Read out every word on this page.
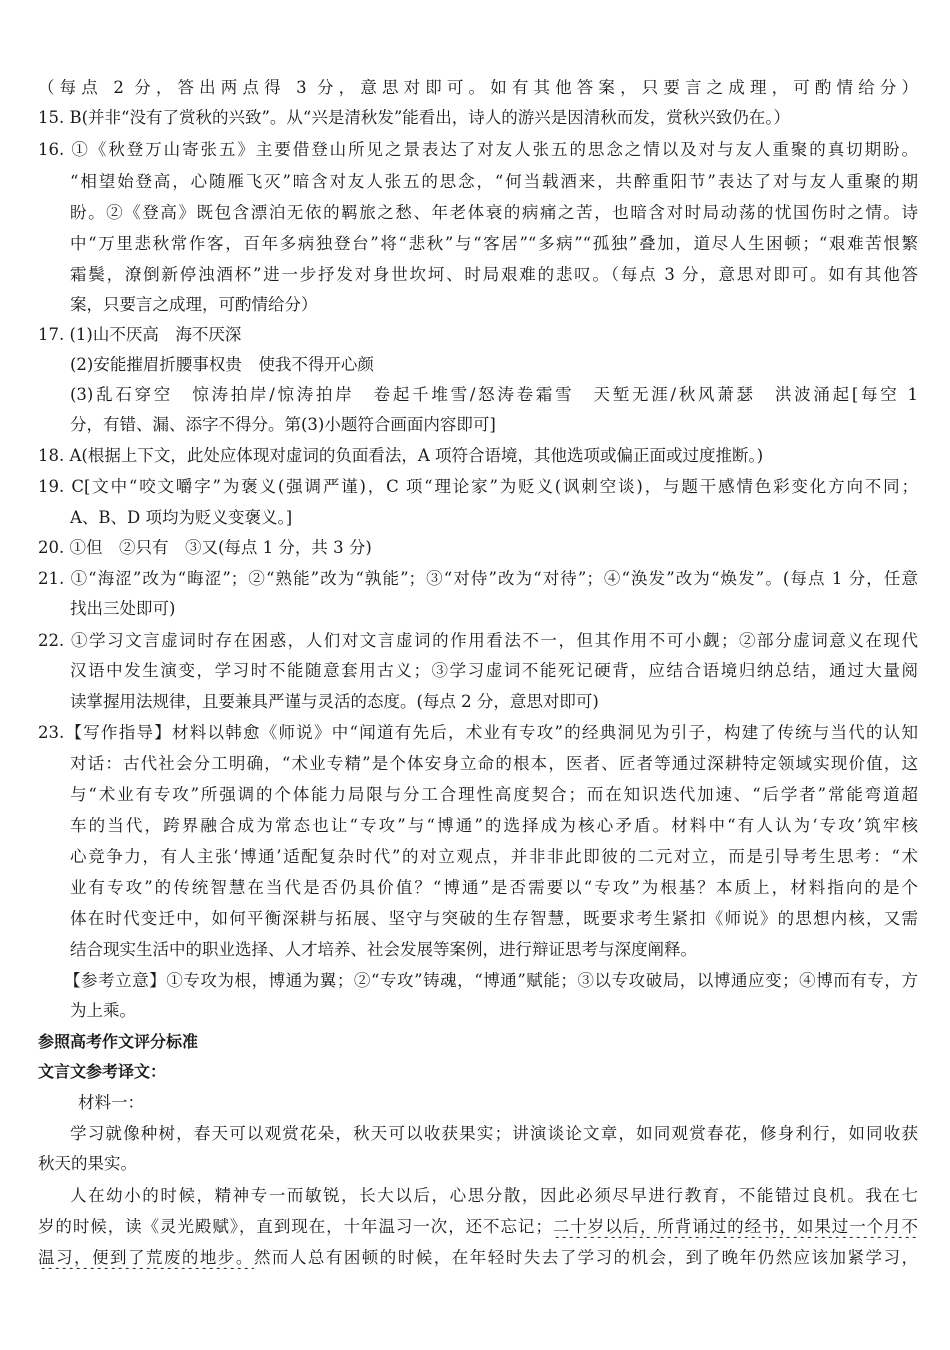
（每点 2 分，答出两点得 3 分，意思对即可。如有其他答案，只要言之成理，可酌情给分）
15. B(并非“没有了赏秋的兴致”。从“兴是清秋发”能看出，诗人的游兴是因清秋而发，赏秋兴致仍在。）
16. ①《秋登万山寄张五》主要借登山所见之景表达了对友人张五的思念之情以及对与友人重聚的真切期盼。
“相望始登高，心随雁飞灭”暗含对友人张五的思念，“何当载酒来，共醉重阳节”表达了对与友人重聚的期
盼。②《登高》既包含漂泊无依的羁旅之愁、年老体衰的病痛之苦，也暗含对时局动荡的忧国伤时之情。诗
中“万里悲秋常作客，百年多病独登台”将“悲秋”与“客居”“多病”“孤独”叠加，道尽人生困顿；“艰难苦恨繁
霜鬓，潦倒新停浊酒杯”进一步抒发对身世坎坷、时局艰难的悲叹。（每点 3 分，意思对即可。如有其他答
案，只要言之成理，可酌情给分）
17. (1)山不厌高　海不厌深
(2)安能摧眉折腰事权贵　使我不得开心颜
(3)乱石穿空　惊涛拍岸/惊涛拍岸　卷起千堆雪/怒涛卷霜雪　天堑无涯/秋风萧瑟　洪波涌起[每空 1
分，有错、漏、添字不得分。第(3)小题符合画面内容即可]
18. A(根据上下文，此处应体现对虚词的负面看法，A 项符合语境，其他选项或偏正面或过度推断。)
19. C[文中“咬文嚼字”为褒义(强调严谨)，C 项“理论家”为贬义(讽刺空谈)，与题干感情色彩变化方向不同；
A、B、D 项均为贬义变褒义。]
20. ①但　②只有　③又(每点 1 分，共 3 分)
21. ①“海涩”改为“晦涩”；②“熟能”改为“孰能”；③“对侍”改为“对待”；④“涣发”改为“焕发”。(每点 1 分，任意
找出三处即可)
22. ①学习文言虚词时存在困惑，人们对文言虚词的作用看法不一，但其作用不可小觑；②部分虚词意义在现代
汉语中发生演变，学习时不能随意套用古义；③学习虚词不能死记硬背，应结合语境归纳总结，通过大量阅
读掌握用法规律，且要兼具严谨与灵活的态度。(每点 2 分，意思对即可)
23.【写作指导】材料以韩愈《师说》中“闻道有先后，术业有专攻”的经典洞见为引子，构建了传统与当代的认知
对话：古代社会分工明确，“术业专精”是个体安身立命的根本，医者、匠者等通过深耕特定领域实现价值，这
与“术业有专攻”所强调的个体能力局限与分工合理性高度契合；而在知识迭代加速、“后学者”常能弯道超
车的当代，跨界融合成为常态也让“专攻”与“博通”的选择成为核心矛盾。材料中“有人认为‘专攻’筑牢核
心竞争力，有人主张‘博通’适配复杂时代”的对立观点，并非非此即彼的二元对立，而是引导考生思考：“术
业有专攻”的传统智慧在当代是否仍具价值？“博通”是否需要以“专攻”为根基？本质上，材料指向的是个
体在时代变迁中，如何平衡深耕与拓展、坚守与突破的生存智慧，既要求考生紧扣《师说》的思想内核，又需
结合现实生活中的职业选择、人才培养、社会发展等案例，进行辩证思考与深度阐释。
【参考立意】①专攻为根，博通为翼；②“专攻”铸魂，“博通”赋能；③以专攻破局，以博通应变；④博而有专，方
为上乘。
参照高考作文评分标准
文言文参考译文：
材料一：
学习就像种树，春天可以观赏花朵，秋天可以收获果实；讲演谈论文章，如同观赏春花，修身利行，如同收获
秋天的果实。
人在幼小的时候，精神专一而敏锐，长大以后，心思分散，因此必须尽早进行教育，不能错过良机。我在七
岁的时候，读《灵光殿赋》，直到现在，十年温习一次，还不忘记；二十岁以后，所背诵过的经书，如果过一个月不
温习，便到了荒废的地步。然而人总有困顿的时候，在年轻时失去了学习的机会，到了晚年仍然应该加紧学习，
